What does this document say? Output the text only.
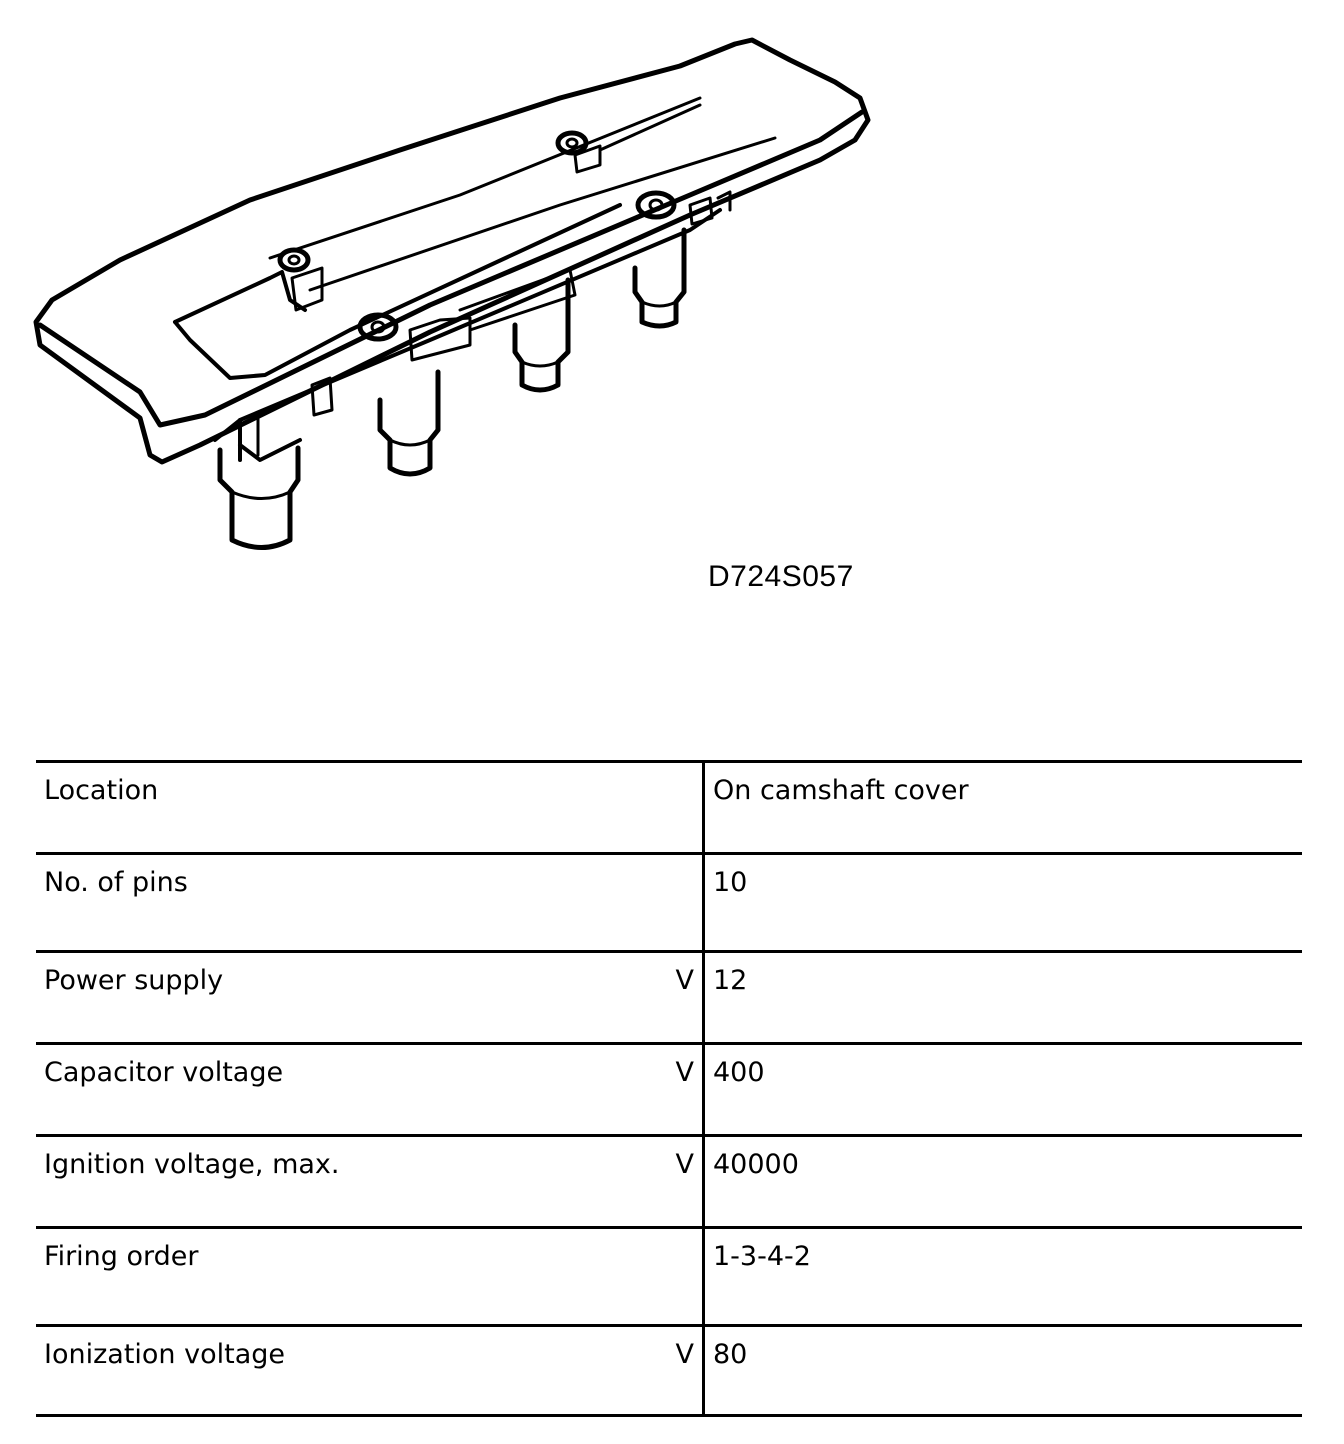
D724S057
Location	On camshaft cover
No. of pins	10
Power supply V	12
Capacitor voltage V	400
Ignition voltage, max. V	40000
Firing order	1-3-4-2
Ionization voltage V	80
